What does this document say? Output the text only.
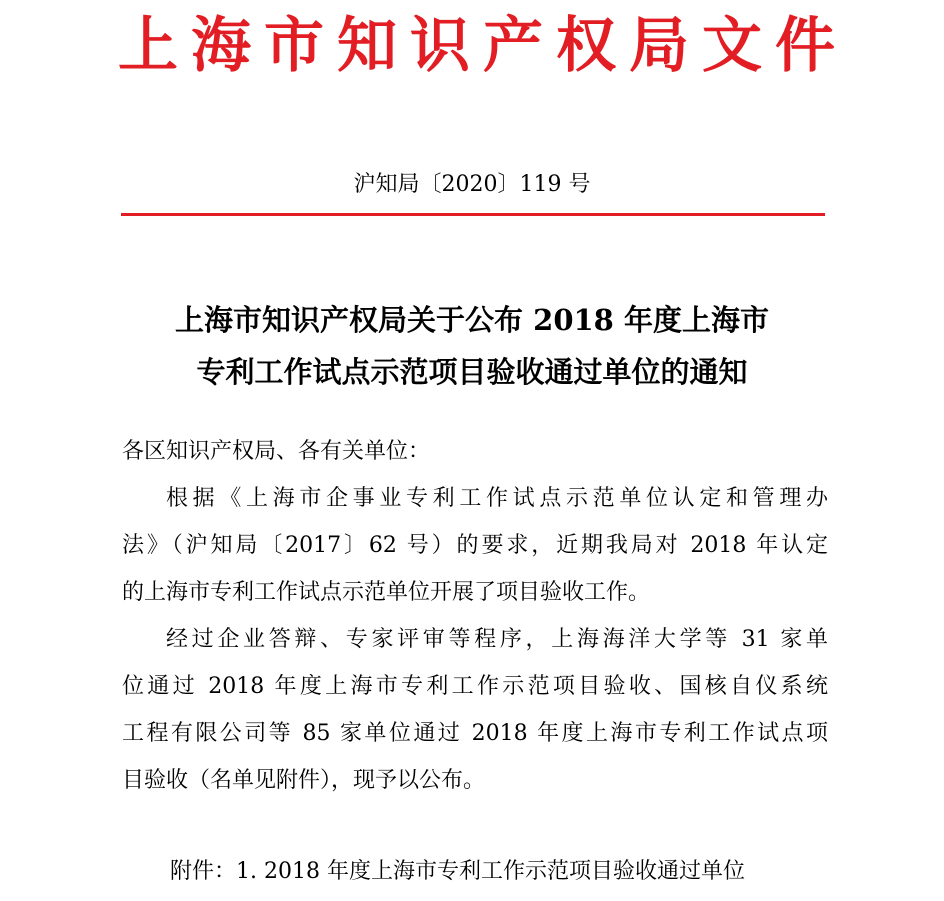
上海市知识产权局文件
沪知局〔2020〕119 号
上海市知识产权局关于公布 2018 年度上海市
专利工作试点示范项目验收通过单位的通知
各区知识产权局、各有关单位：
根据《上海市企事业专利工作试点示范单位认定和管理办
法》（沪知局〔2017〕62 号）的要求，近期我局对 2018 年认定
的上海市专利工作试点示范单位开展了项目验收工作。
经过企业答辩、专家评审等程序，上海海洋大学等 31 家单
位通过 2018 年度上海市专利工作示范项目验收、国核自仪系统
工程有限公司等 85 家单位通过 2018 年度上海市专利工作试点项
目验收（名单见附件），现予以公布。
附件：1. 2018 年度上海市专利工作示范项目验收通过单位
